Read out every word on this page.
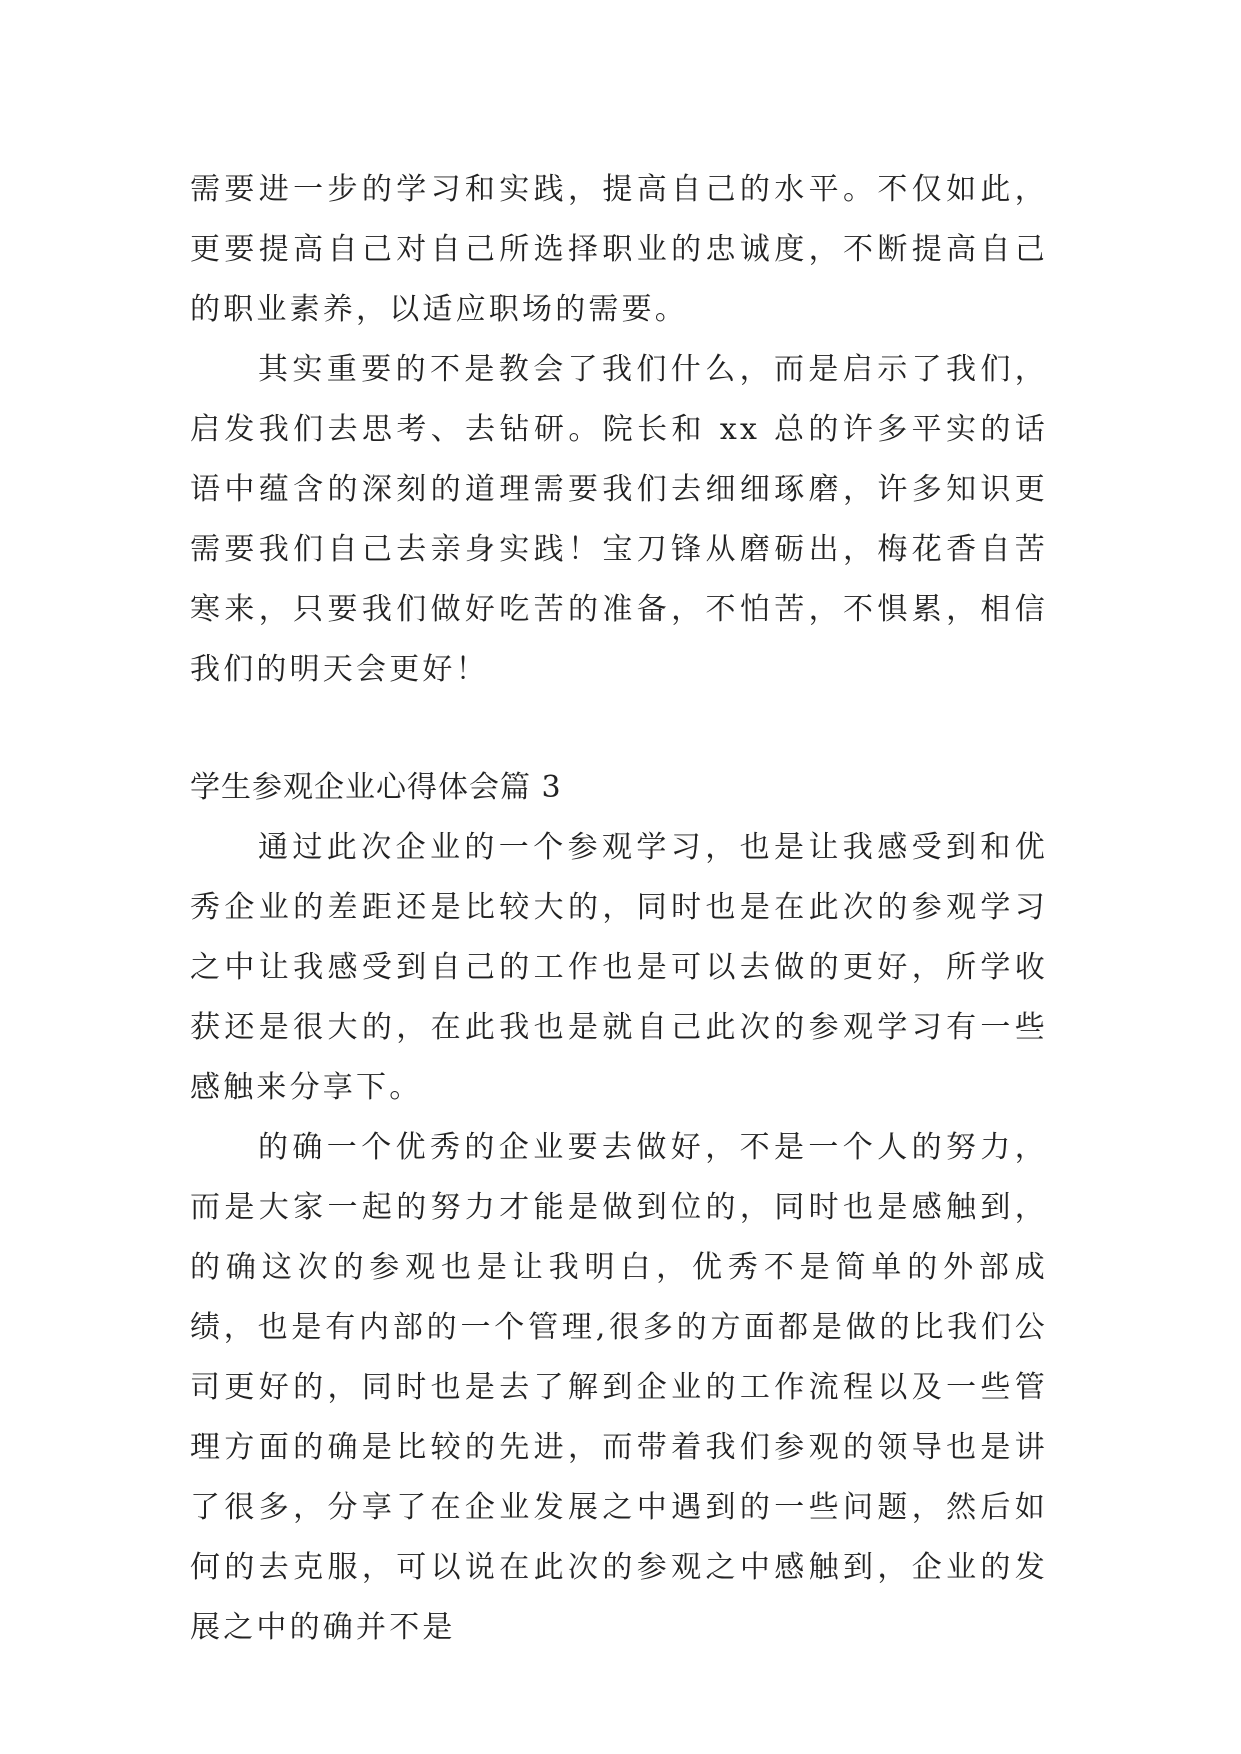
需要进一步的学习和实践，提高自己的水平。不仅如此，更要提高自己对自己所选择职业的忠诚度，不断提高自己的职业素养，以适应职场的需要。

其实重要的不是教会了我们什么，而是启示了我们，启发我们去思考、去钻研。院长和 xx 总的许多平实的话语中蕴含的深刻的道理需要我们去细细琢磨，许多知识更需要我们自己去亲身实践！宝刀锋从磨砺出，梅花香自苦寒来，只要我们做好吃苦的准备，不怕苦，不惧累，相信我们的明天会更好！

学生参观企业心得体会篇 3

通过此次企业的一个参观学习，也是让我感受到和优秀企业的差距还是比较大的，同时也是在此次的参观学习之中让我感受到自己的工作也是可以去做的更好，所学收获还是很大的，在此我也是就自己此次的参观学习有一些感触来分享下。

的确一个优秀的企业要去做好，不是一个人的努力，而是大家一起的努力才能是做到位的，同时也是感触到，的确这次的参观也是让我明白，优秀不是简单的外部成绩，也是有内部的一个管理,很多的方面都是做的比我们公司更好的，同时也是去了解到企业的工作流程以及一些管理方面的确是比较的先进，而带着我们参观的领导也是讲了很多，分享了在企业发展之中遇到的一些问题，然后如何的去克服，可以说在此次的参观之中感触到，企业的发展之中的确并不是
